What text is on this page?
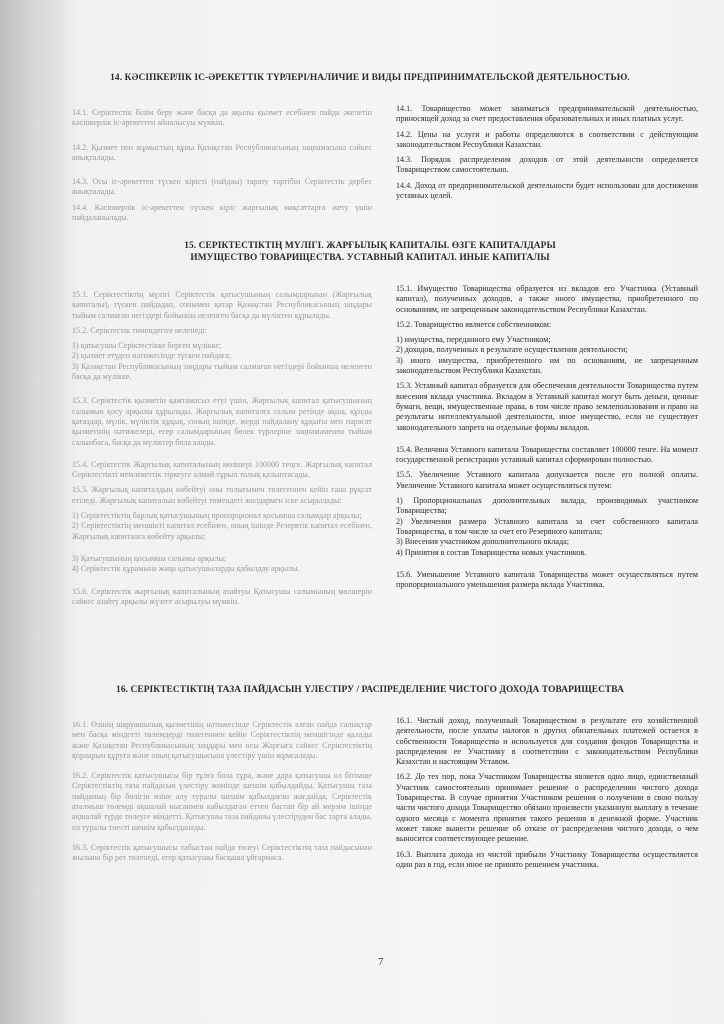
14. КӘСІПКЕРЛІК ІС-ӘРЕКЕТТІК ТҮРЛЕРІ/НАЛИЧИЕ И ВИДЫ ПРЕДПРИНИМАТЕЛЬСКОЙ ДЕЯТЕЛЬНОСТЬЮ.

14.1. Серіктестік білім беру және басқа да ақылы қызмет есебінен пайда әкелетін кәсіпкерлік іс-әрекеттен айналысуы мүмкін.

14.2. Қызмет пен жұмыстың құны Қазақстан Республикасының заңнамасына сәйкес анықталады.

14.3. Осы іс-әрекеттен түскен кірісті (пайдаы) тарату тәртібін Серіктестік дербес анықталады.

14.4. Кәсіпкерлік іс-әрекеттен түскен кіріс жарғылық мақсаттарға жету үшін пайдаланылады.

14.1. Товарищество может заниматься предпринимательской деятельностью, приносящей доход за счет предоставления образовательных и иных платных услуг.

14.2. Цены на услуги и работы определяются в соответствии с действующим законодательством Республики Казахстан.

14.3. Порядок распределения доходов от этой деятельности определяется Товариществом самостоятельно.

14.4. Доход от предпринимательской деятельности будет использован для достижения уставных целей.

15. СЕРІКТЕСТІКТІҢ МҮЛІГІ. ЖАРҒЫЛЫҚ КАПИТАЛЫ. ӨЗГЕ КАПИТАЛДАРЫ
ИМУЩЕСТВО ТОВАРИЩЕСТВА. УСТАВНЫЙ КАПИТАЛ. ИНЫЕ КАПИТАЛЫ

15.1. Серіктестіктің мүлігі Серіктестік қатысушының салымдарынан (Жарғылық капиталы), түскен пайдадан, сонымен қатар Қазақстан Республикасының заңдары тыйым салмаған негіздері бойынша иеленген басқа да мүліктен құрылады.

15.2. Серіктестік төмендегіге иеленеді:

1) қатысушы Серіктестікке берген мүлікке;
2) қызмет етуден нәтижесінде түскен пайдаға;
3) Қазақстан Республикасының заңдары тыйым салмаған негіздері бойынша иеленген басқа да мүлікке.

15.3. Серіктестік қызметін қамтамасыз етуі үшін, Жарғылық капитал қатысушының салымын қосу арқылы құрылады. Жарғылық капиталға салым ретінде ақша, құнды қағаздар, мүлік, мүліктік құқық, соның ішінде, жерді пайдалану құқығы мен парасат қызметінің нәтижелері, егер салымдарының бөлек түрлеріне заңнамаменен тыйым салынбаса, басқа да мүліктер бола алады.

15.4. Серіктестік Жарғылық капиталының мөлшері 100000 теңге. Жарғылық капитал Серіктестікті мемлекеттік тіркеуге алмай тұрып толық қалыптасады.

15.5. Жарғылық капиталдың көбейтуі оны толығымен төлегеннен кейін ғана рұқсат етіледі. Жарғылық капиталын көбейтуі төмендегі жолдармен іске асырылады:

1) Серіктестіктің барлық қатысушының пропорционал қосымша салымдар арқылы;
2) Серіктестіктің меншікті капитал есебінен, оның ішінде Резервтік капитал есебінен, Жарғылық капиталға көбейту арқылы;
3) Қатысушының қосымша салымы арқылы;
4) Серіктестік құрамына жаңа қатысушыларды қабылдау арқылы.

15.6. Серіктестік жарғылық капиталының азайтуы Қатысушы салымының мөлшерін сәйкес азайту арқылы жүзеге асырылуы мүмкін.

15.1. Имущество Товарищества образуется из вкладов его Участника (Уставный капитал), полученных доходов, а также иного имущества, приобретенного по основаниям, не запрещенным законодательством Республики Казахстан.

15.2. Товарищество является собственником:

1) имущества, переданного ему Участником;
2) доходов, полученных в результате осуществления деятельности;
3) иного имущества, приобретенного им по основаниям, не запрещенным законодательством Республики Казахстан.

15.3. Уставный капитал образуется для обеспечения деятельности Товарищества путем внесения вклада участника. Вкладом в Уставный капитал могут быть деньги, ценные бумаги, вещи, имущественные права, в том числе право землепользования и право на результаты интеллектуальной деятельности, иное имущество, если не существует законодательного запрета на отдельные формы вкладов.

15.4. Величина Уставного капитала Товарищества составляет 100000 тенге. На момент государственной регистрации уставный капитал сформирован полностью.

15.5. Увеличение Уставного капитала допускается после его полной оплаты. Увеличение Уставного капитала может осуществляться путем:

1) Пропорциональных дополнительных вклада, производимых участником Товарищества;
2) Увеличения размера Уставного капитала за счет собственного капитала Товарищества, в том числе за счет его Резервного капитала;
3) Внесения участником дополнительного вклада;
4) Принятия в состав Товарищества новых участников.

15.6. Уменьшение Уставного капитала Товарищества может осуществляться путем пропорционального уменьшения размера вклада Участника.

16. СЕРІКТЕСТІКТІҢ ТАЗА ПАЙДАСЫН ҮЛЕСТІРУ / РАСПРЕДЕЛЕНИЕ ЧИСТОГО ДОХОДА ТОВАРИЩЕСТВА

16.1. Өзінің шаруашылық қызметінің нәтижесінде Серіктестік алған пайда салықтар мен басқа міндетті төлемдерді төлегеннен кейін Серіктестіктің меншігінде қалады және Қазақстан Республикасының заңдары мен осы Жарғыға сәйкес Серіктестіктің қорларын құруға және оның қатысушысына үлестіру үшін жұмсалады.

16.2. Серіктестік қатысушысы бір тұлға бола тұра, және дара қатысушы ол бітімше Серіктестіктің таза пайдасын үлестіру жөнінде шешім қабылдайды. Қатысушы таза пайданың бір бөлігін өзіне алу туралы шешім қабылдаған жағдайда, Серіктестік аталмыш төлемді ақшалай нысанмен кабылдаған еттен бастап бір ай мерзім ішінде ақшалай түрде төлеуге міндетті. Қатысушы таза пайданы үлестіруден бас тарта алады, ол туралы тиесті шешім қабылданады.

16.3. Серіктестік қатысушысы табыстан пайда төлеуі Серіктестіктің таза пайдасынан жылына бір рет төленеді, егер қатысушы басқаша ұйғармаса.

16.1. Чистый доход, полученный Товариществом в результате его хозяйственной деятельности, после уплаты налогов и других обязательных платежей остается в собственности Товарищества и используется для создания фондов Товарищества и распределения ее Участнику в соответствии с законодательством Республики Казахстан и настоящим Уставом.

16.2. До тех пор, пока Участником Товарищества является одно лицо, единственный Участник самостоятельно принимает решение о распределении чистого дохода Товарищества. В случае принятия Участником решения о получении в свою пользу части чистого дохода Товарищество обязано произвести указанную выплату в течение одного месяца с момента принятия такого решения в денежной форме. Участник может также вынести решение об отказе от распределения чистого дохода, о чем выносится соответствующее решение.

16.3. Выплата дохода из чистой прибыли Участнику Товарищества осуществляется один раз в год, если иное не принято решением участника.

7
